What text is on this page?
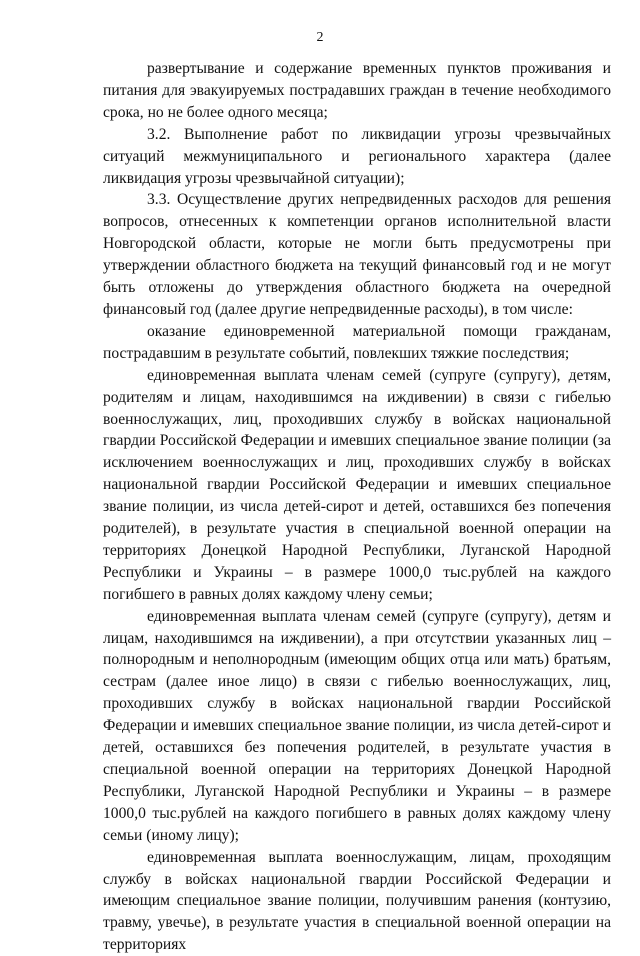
2

развертывание и содержание временных пунктов проживания и питания для эвакуируемых пострадавших граждан в течение необходимого срока, но не более одного месяца;

3.2. Выполнение работ по ликвидации угрозы чрезвычайных ситуаций межмуниципального и регионального характера (далее ликвидация угрозы чрезвычайной ситуации);

3.3. Осуществление других непредвиденных расходов для решения вопросов, отнесенных к компетенции органов исполнительной власти Новгородской области, которые не могли быть предусмотрены при утверждении областного бюджета на текущий финансовый год и не могут быть отложены до утверждения областного бюджета на очередной финансовый год (далее другие непредвиденные расходы), в том числе:

оказание единовременной материальной помощи гражданам, пострадавшим в результате событий, повлекших тяжкие последствия;

единовременная выплата членам семей (супруге (супругу), детям, родителям и лицам, находившимся на иждивении) в связи с гибелью военнослужащих, лиц, проходивших службу в войсках национальной гвардии Российской Федерации и имевших специальное звание полиции (за исключением военнослужащих и лиц, проходивших службу в войсках национальной гвардии Российской Федерации и имевших специальное звание полиции, из числа детей-сирот и детей, оставшихся без попечения родителей), в результате участия в специальной военной операции на территориях Донецкой Народной Республики, Луганской Народной Республики и Украины – в размере 1000,0 тыс.рублей на каждого погибшего в равных долях каждому члену семьи;

единовременная выплата членам семей (супруге (супругу), детям и лицам, находившимся на иждивении), а при отсутствии указанных лиц – полнородным и неполнородным (имеющим общих отца или мать) братьям, сестрам (далее иное лицо) в связи с гибелью военнослужащих, лиц, проходивших службу в войсках национальной гвардии Российской Федерации и имевших специальное звание полиции, из числа детей-сирот и детей, оставшихся без попечения родителей, в результате участия в специальной военной операции на территориях Донецкой Народной Республики, Луганской Народной Республики и Украины – в размере 1000,0 тыс.рублей на каждого погибшего в равных долях каждому члену семьи (иному лицу);

единовременная выплата военнослужащим, лицам, проходящим службу в войсках национальной гвардии Российской Федерации и имеющим специальное звание полиции, получившим ранения (контузию, травму, увечье), в результате участия в специальной военной операции на территориях
